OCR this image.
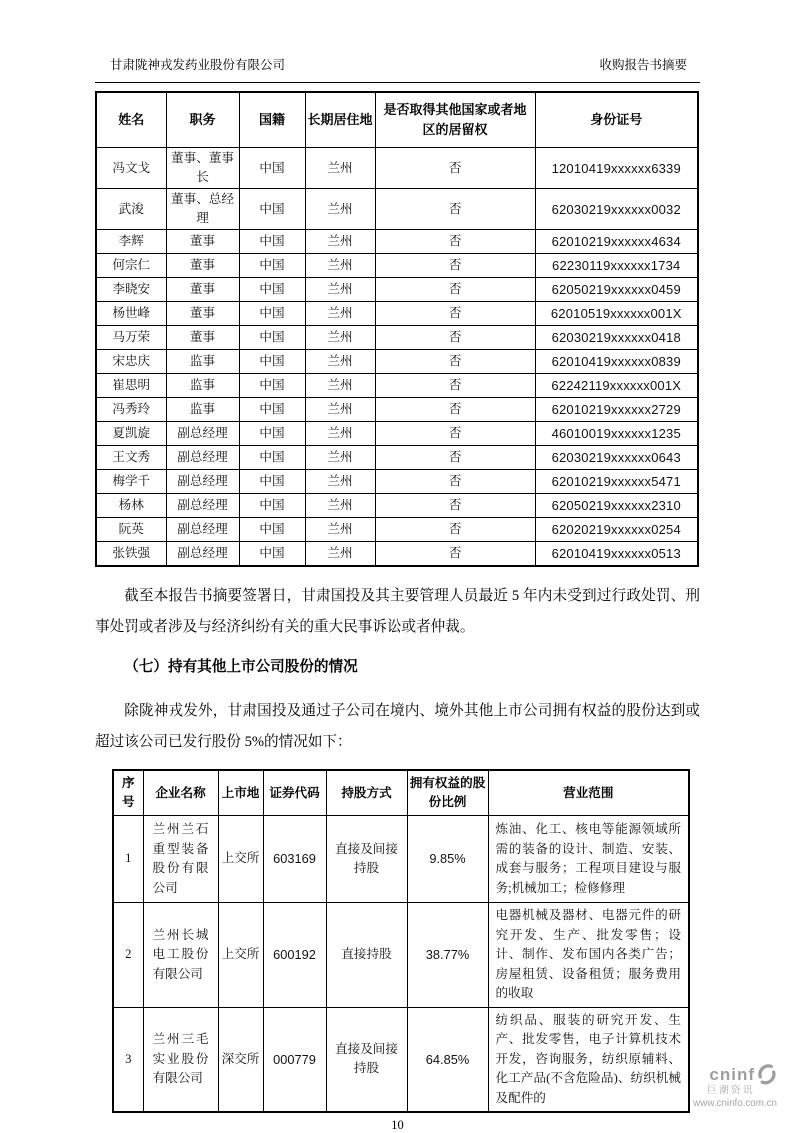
甘肃陇神戎发药业股份有限公司	收购报告书摘要
姓名	职务	国籍	长期居住地	是否取得其他国家或者地区的居留权	身份证号
冯文戈	董事、董事长	中国	兰州	否	12010419xxxxxx6339
武浚	董事、总经理	中国	兰州	否	62030219xxxxxx0032
李辉	董事	中国	兰州	否	62010219xxxxxx4634
何宗仁	董事	中国	兰州	否	62230119xxxxxx1734
李晓安	董事	中国	兰州	否	62050219xxxxxx0459
杨世峰	董事	中国	兰州	否	62010519xxxxxx001X
马万荣	董事	中国	兰州	否	62030219xxxxxx0418
宋忠庆	监事	中国	兰州	否	62010419xxxxxx0839
崔思明	监事	中国	兰州	否	62242119xxxxxx001X
冯秀玲	监事	中国	兰州	否	62010219xxxxxx2729
夏凯旋	副总经理	中国	兰州	否	46010019xxxxxx1235
王文秀	副总经理	中国	兰州	否	62030219xxxxxx0643
梅学千	副总经理	中国	兰州	否	62010219xxxxxx5471
杨林	副总经理	中国	兰州	否	62050219xxxxxx2310
阮英	副总经理	中国	兰州	否	62020219xxxxxx0254
张铁强	副总经理	中国	兰州	否	62010419xxxxxx0513

截至本报告书摘要签署日，甘肃国投及其主要管理人员最近 5 年内未受到过行政处罚、刑事处罚或者涉及与经济纠纷有关的重大民事诉讼或者仲裁。

（七）持有其他上市公司股份的情况

除陇神戎发外，甘肃国投及通过子公司在境内、境外其他上市公司拥有权益的股份达到或超过该公司已发行股份 5%的情况如下：

序号	企业名称	上市地	证券代码	持股方式	拥有权益的股份比例	营业范围
1	兰州兰石重型装备股份有限公司	上交所	603169	直接及间接持股	9.85%	炼油、化工、核电等能源领域所需的装备的设计、制造、安装、成套与服务；工程项目建设与服务;机械加工；检修修理
2	兰州长城电工股份有限公司	上交所	600192	直接持股	38.77%	电器机械及器材、电器元件的研究开发、生产、批发零售；设计、制作、发布国内各类广告；房屋租赁、设备租赁；服务费用的收取
3	兰州三毛实业股份有限公司	深交所	000779	直接及间接持股	64.85%	纺织品、服装的研究开发、生产、批发零售，电子计算机技术开发，咨询服务，纺织原辅料、化工产品(不含危险品)、纺织机械及配件的
10
cninf
巨潮资讯
www.cninfo.com.cn
